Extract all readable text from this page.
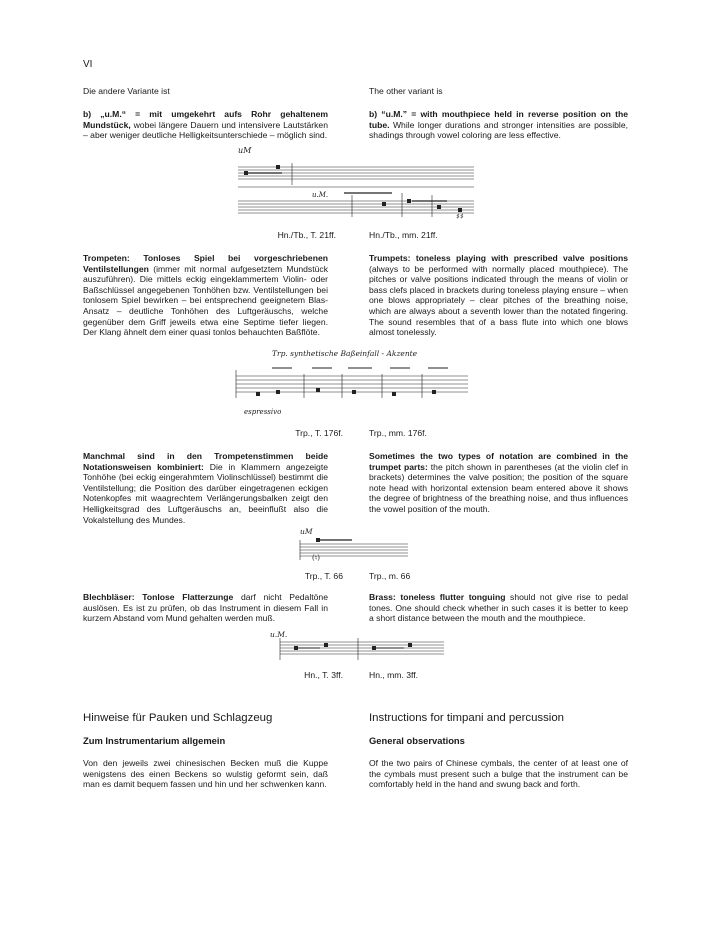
VI
Die andere Variante ist	The other variant is

b) „u.M.“ = mit umgekehrt aufs Rohr gehaltenem Mundstück, wobei längere Dauern und intensivere Lautstärken – aber weniger deutliche Helligkeitsunterschiede – möglich sind.

b) “u.M.” = with mouthpiece held in reverse position on the tube. While longer durations and stronger intensities are possible, shadings through vowel coloring are less effective.

uM
u.M.
♯♯
Hn./Tb., T. 21ff.	Hn./Tb., mm. 21ff.

Trompeten: Tonloses Spiel bei vorgeschriebenen Ventilstellungen (immer mit normal aufgesetztem Mundstück auszuführen). Die mittels eckig eingeklammertem Violin- oder Baßschlüssel angegebenen Tonhöhen bzw. Ventilstellungen bei tonlosem Spiel bewirken – bei entsprechend geeignetem Blas-Ansatz – deutliche Tonhöhen des Luftgeräuschs, welche gegenüber dem Griff jeweils etwa eine Septime tiefer liegen. Der Klang ähnelt dem einer quasi tonlos behauchten Baßflöte.

Trumpets: toneless playing with prescribed valve positions (always to be performed with normally placed mouthpiece). The pitches or valve positions indicated through the means of violin or bass clefs placed in brackets during toneless playing ensure – when one blows appropriately – clear pitches of the breathing noise, which are always about a seventh lower than the notated fingering. The sound resembles that of a bass flute into which one blows almost tonelessly.

Trp. synthetische Baßeinfall - Akzente
espressivo
Trp., T. 176f.	Trp., mm. 176f.

Manchmal sind in den Trompetenstimmen beide Notationsweisen kombiniert: Die in Klammern angezeigte Tonhöhe (bei eckig eingerahmtem Violinschlüssel) bestimmt die Ventilstellung; die Position des darüber eingetragenen eckigen Notenkopfes mit waagrechtem Verlängerungsbalken zeigt den Helligkeitsgrad des Luftgeräuschs an, beeinflußt also die Vokalstellung des Mundes.

Sometimes the two types of notation are combined in the trumpet parts: the pitch shown in parentheses (at the violin clef in brackets) determines the valve position; the position of the square note head with horizontal extension beam entered above it shows the degree of brightness of the breathing noise, and thus influences the vowel position of the mouth.

uM
(♮)
Trp., T. 66	Trp., m. 66

Blechbläser: Tonlose Flatterzunge darf nicht Pedaltöne auslösen. Es ist zu prüfen, ob das Instrument in diesem Fall in kurzem Abstand vom Mund gehalten werden muß.

Brass: toneless flutter tonguing should not give rise to pedal tones. One should check whether in such cases it is better to keep a short distance between the mouth and the mouthpiece.

u.M.
Hn., T. 3ff.	Hn., mm. 3ff.
Hinweise für Pauken und Schlagzeug	Instructions for timpani and percussion
Zum Instrumentarium allgemein	General observations

Von den jeweils zwei chinesischen Becken muß die Kuppe wenigstens des einen Beckens so wulstig geformt sein, daß man es damit bequem fassen und hin und her schwenken kann.

Of the two pairs of Chinese cymbals, the center of at least one of the cymbals must present such a bulge that the instrument can be comfortably held in the hand and swung back and forth.
